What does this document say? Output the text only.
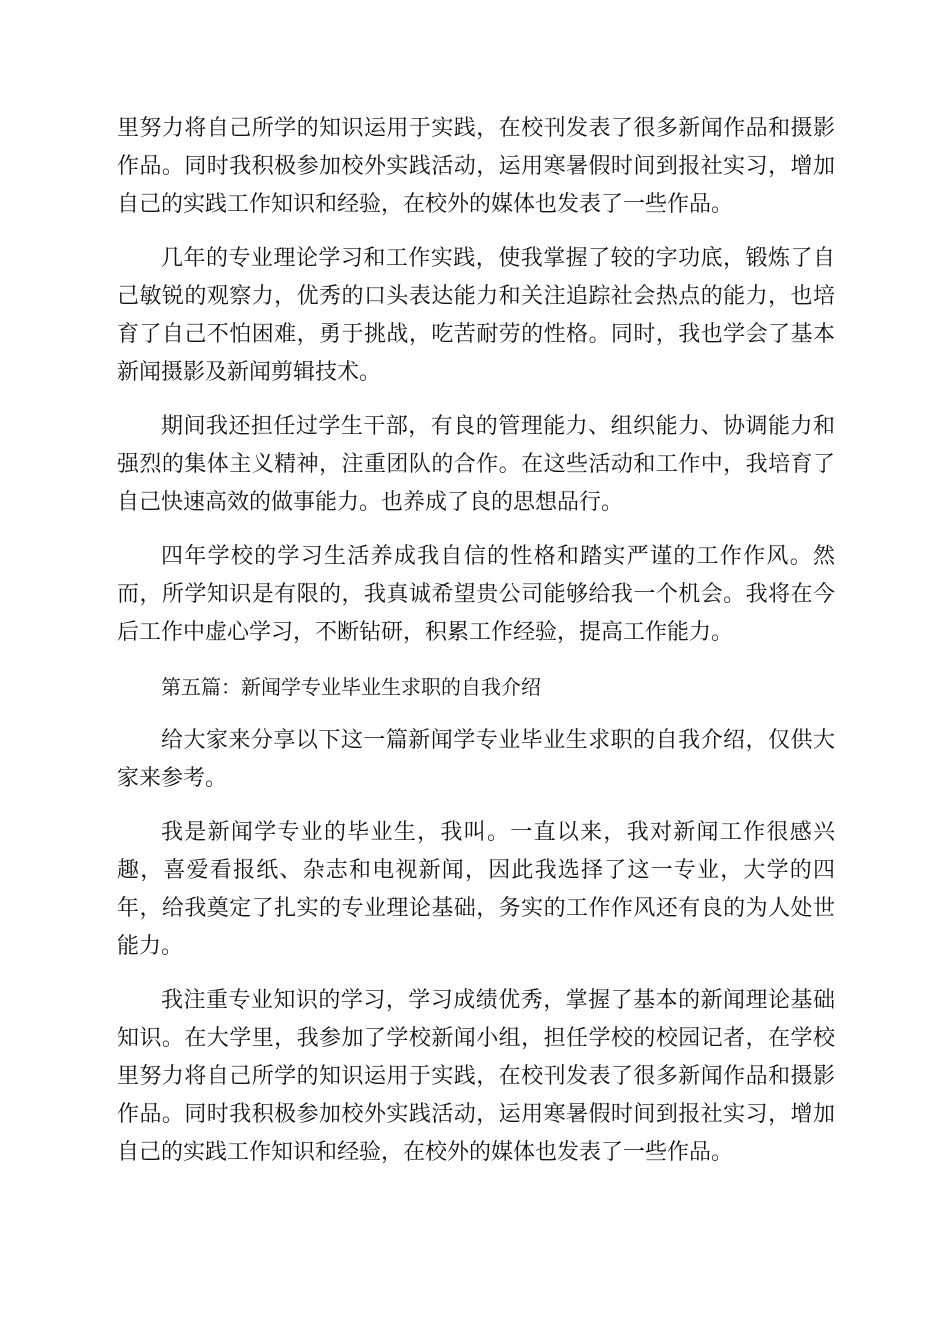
里努力将自己所学的知识运用于实践，在校刊发表了很多新闻作品和摄影作品。同时我积极参加校外实践活动，运用寒暑假时间到报社实习，增加自己的实践工作知识和经验，在校外的媒体也发表了一些作品。

几年的专业理论学习和工作实践，使我掌握了较的字功底，锻炼了自己敏锐的观察力，优秀的口头表达能力和关注追踪社会热点的能力，也培育了自己不怕困难，勇于挑战，吃苦耐劳的性格。同时，我也学会了基本新闻摄影及新闻剪辑技术。

期间我还担任过学生干部，有良的管理能力、组织能力、协调能力和强烈的集体主义精神，注重团队的合作。在这些活动和工作中，我培育了自己快速高效的做事能力。也养成了良的思想品行。

四年学校的学习生活养成我自信的性格和踏实严谨的工作作风。然而，所学知识是有限的，我真诚希望贵公司能够给我一个机会。我将在今后工作中虚心学习，不断钻研，积累工作经验，提高工作能力。

第五篇：新闻学专业毕业生求职的自我介绍

给大家来分享以下这一篇新闻学专业毕业生求职的自我介绍，仅供大家来参考。

我是新闻学专业的毕业生，我叫。一直以来，我对新闻工作很感兴趣，喜爱看报纸、杂志和电视新闻，因此我选择了这一专业，大学的四年，给我奠定了扎实的专业理论基础，务实的工作作风还有良的为人处世能力。

我注重专业知识的学习，学习成绩优秀，掌握了基本的新闻理论基础知识。在大学里，我参加了学校新闻小组，担任学校的校园记者，在学校里努力将自己所学的知识运用于实践，在校刊发表了很多新闻作品和摄影作品。同时我积极参加校外实践活动，运用寒暑假时间到报社实习，增加自己的实践工作知识和经验，在校外的媒体也发表了一些作品。
